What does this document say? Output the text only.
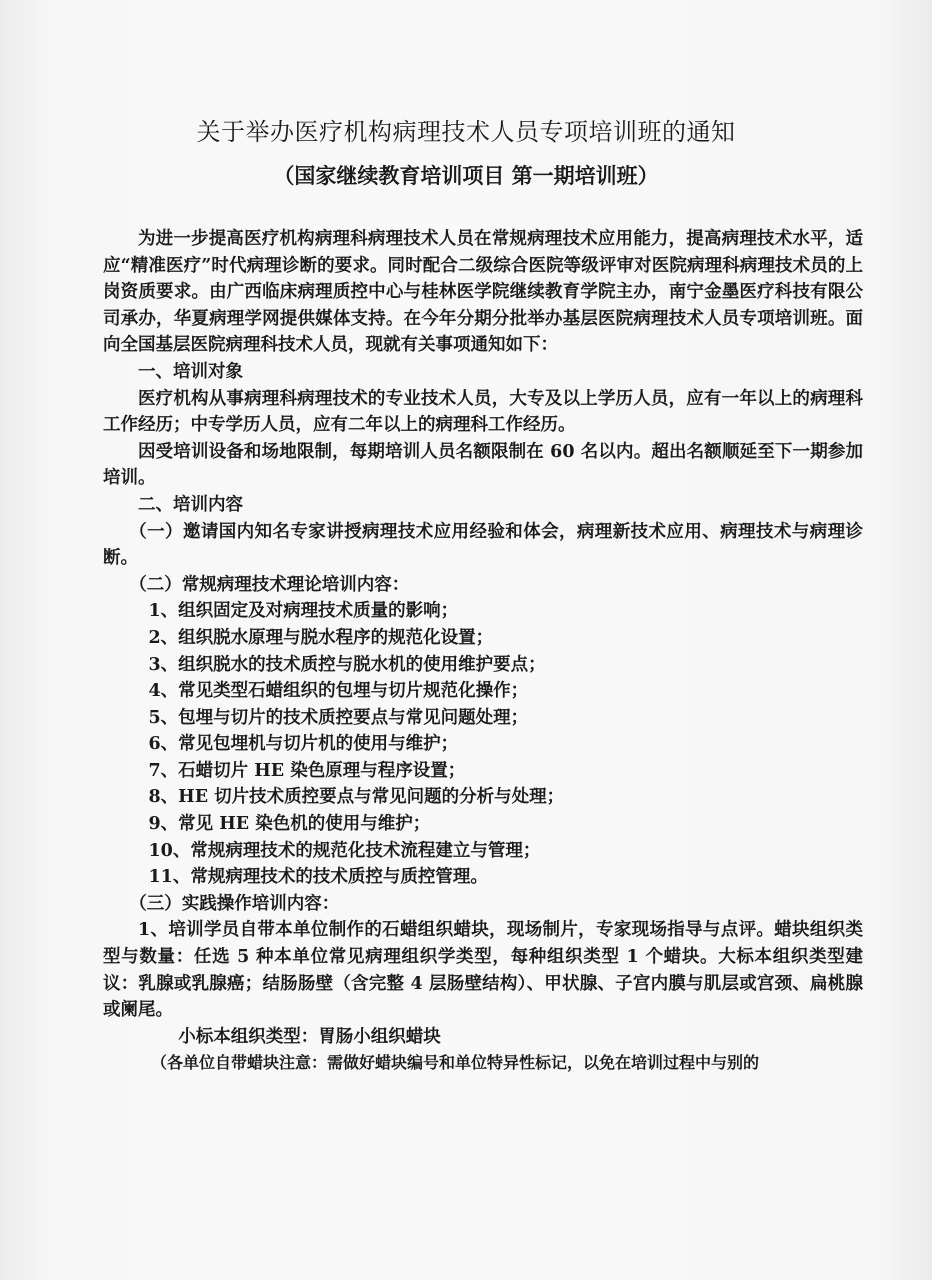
关于举办医疗机构病理技术人员专项培训班的通知
（国家继续教育培训项目 第一期培训班）

为进一步提高医疗机构病理科病理技术人员在常规病理技术应用能力，提高病理技术水平，适应“精准医疗”时代病理诊断的要求。同时配合二级综合医院等级评审对医院病理科病理技术员的上岗资质要求。由广西临床病理质控中心与桂林医学院继续教育学院主办，南宁金墨医疗科技有限公司承办，华夏病理学网提供媒体支持。在今年分期分批举办基层医院病理技术人员专项培训班。面向全国基层医院病理科技术人员，现就有关事项通知如下：

一、培训对象

医疗机构从事病理科病理技术的专业技术人员，大专及以上学历人员，应有一年以上的病理科工作经历；中专学历人员，应有二年以上的病理科工作经历。

因受培训设备和场地限制，每期培训人员名额限制在 60 名以内。超出名额顺延至下一期参加培训。

二、培训内容

（一）邀请国内知名专家讲授病理技术应用经验和体会，病理新技术应用、病理技术与病理诊断。

（二）常规病理技术理论培训内容：

1、组织固定及对病理技术质量的影响；

2、组织脱水原理与脱水程序的规范化设置；

3、组织脱水的技术质控与脱水机的使用维护要点；

4、常见类型石蜡组织的包埋与切片规范化操作；

5、包埋与切片的技术质控要点与常见问题处理；

6、常见包埋机与切片机的使用与维护；

7、石蜡切片 HE 染色原理与程序设置；

8、HE 切片技术质控要点与常见问题的分析与处理；

9、常见 HE 染色机的使用与维护；

10、常规病理技术的规范化技术流程建立与管理；

11、常规病理技术的技术质控与质控管理。

（三）实践操作培训内容：

1、培训学员自带本单位制作的石蜡组织蜡块，现场制片，专家现场指导与点评。蜡块组织类型与数量：任选 5 种本单位常见病理组织学类型，每种组织类型 1 个蜡块。大标本组织类型建议：乳腺或乳腺癌；结肠肠壁（含完整 4 层肠壁结构）、甲状腺、子宫内膜与肌层或宫颈、扁桃腺或阑尾。

小标本组织类型：胃肠小组织蜡块

（各单位自带蜡块注意：需做好蜡块编号和单位特异性标记，以免在培训过程中与别的
